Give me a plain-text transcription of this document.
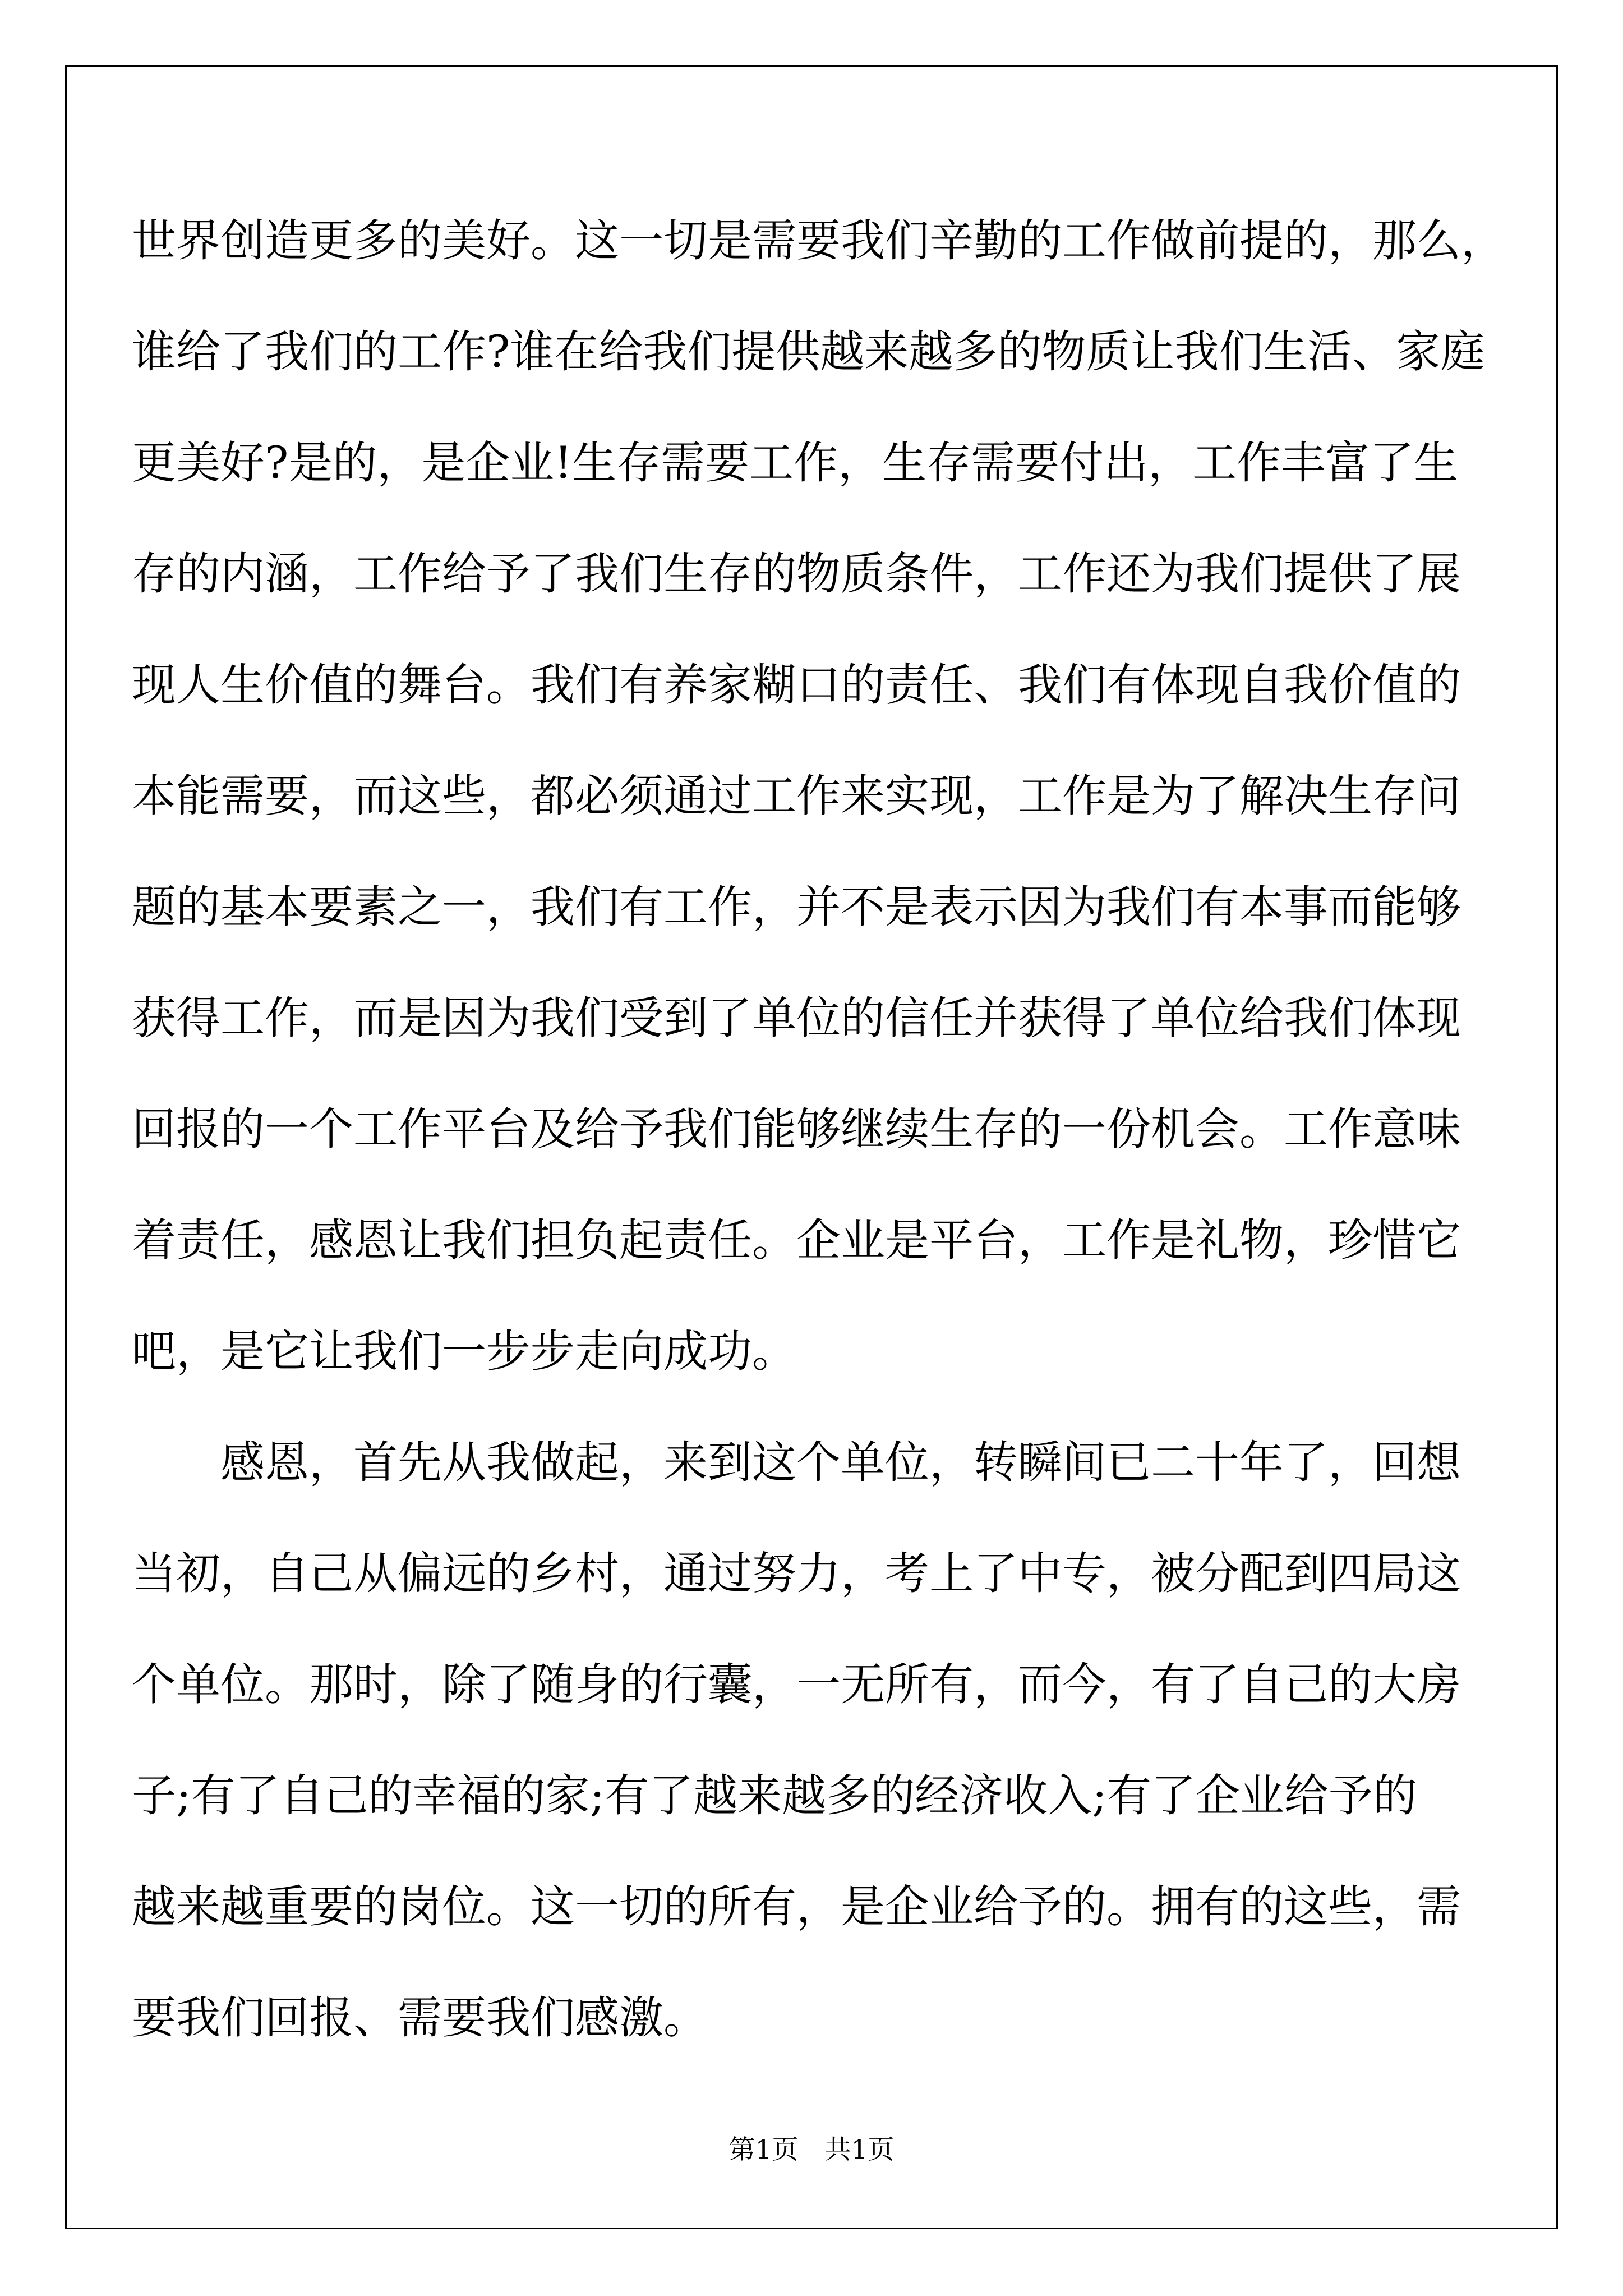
世界创造更多的美好。这一切是需要我们辛勤的工作做前提的，那么，
谁给了我们的工作?谁在给我们提供越来越多的物质让我们生活、家庭
更美好?是的，是企业!生存需要工作，生存需要付出，工作丰富了生
存的内涵，工作给予了我们生存的物质条件，工作还为我们提供了展
现人生价值的舞台。我们有养家糊口的责任、我们有体现自我价值的
本能需要，而这些，都必须通过工作来实现，工作是为了解决生存问
题的基本要素之一，我们有工作，并不是表示因为我们有本事而能够
获得工作，而是因为我们受到了单位的信任并获得了单位给我们体现
回报的一个工作平台及给予我们能够继续生存的一份机会。工作意味
着责任，感恩让我们担负起责任。企业是平台，工作是礼物，珍惜它
吧，是它让我们一步步走向成功。
　　感恩，首先从我做起，来到这个单位，转瞬间已二十年了，回想
当初，自己从偏远的乡村，通过努力，考上了中专，被分配到四局这
个单位。那时，除了随身的行囊，一无所有，而今，有了自己的大房
子;有了自己的幸福的家;有了越来越多的经济收入;有了企业给予的
越来越重要的岗位。这一切的所有，是企业给予的。拥有的这些，需
要我们回报、需要我们感激。
第1页　共1页
